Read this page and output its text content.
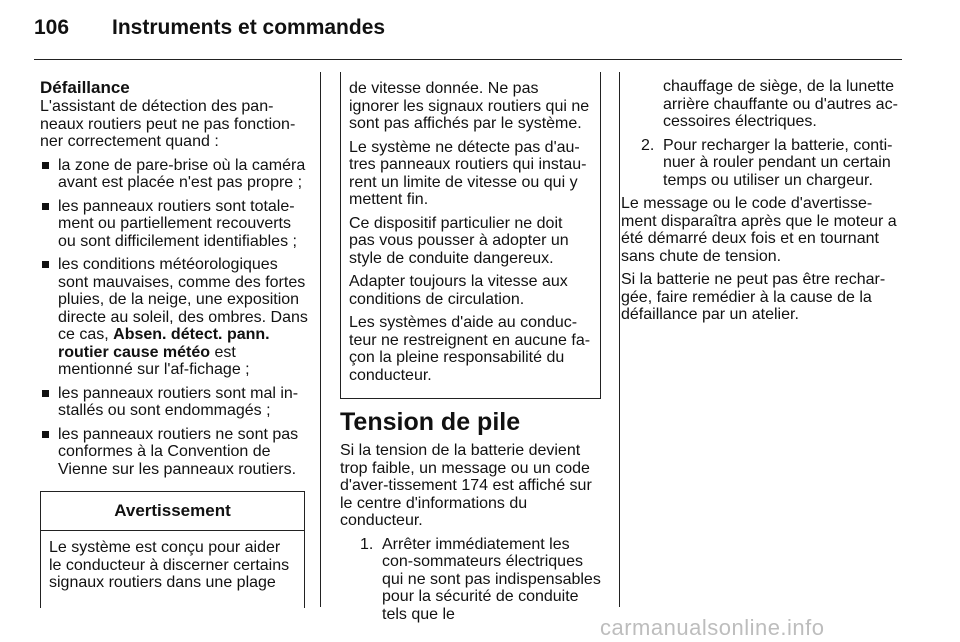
106 Instruments et commandes
Défaillance
L'assistant de détection des pan-neaux routiers peut ne pas fonction-ner correctement quand :
la zone de pare-brise où la caméra avant est placée n'est pas propre ;
les panneaux routiers sont totale-ment ou partiellement recouverts ou sont difficilement identifiables ;
les conditions météorologiques sont mauvaises, comme des fortes pluies, de la neige, une exposition directe au soleil, des ombres. Dans ce cas, Absen. détect. pann. routier cause météo est mentionné sur l'af-fichage ;
les panneaux routiers sont mal in-stallés ou sont endommagés ;
les panneaux routiers ne sont pas conformes à la Convention de Vienne sur les panneaux routiers.
Avertissement
Le système est conçu pour aider le conducteur à discerner certains signaux routiers dans une plage
de vitesse donnée. Ne pas ignorer les signaux routiers qui ne sont pas affichés par le système.
Le système ne détecte pas d'au-tres panneaux routiers qui instau-rent un limite de vitesse ou qui y mettent fin.
Ce dispositif particulier ne doit pas vous pousser à adopter un style de conduite dangereux.
Adapter toujours la vitesse aux conditions de circulation.
Les systèmes d'aide au conduc-teur ne restreignent en aucune fa-çon la pleine responsabilité du conducteur.
Tension de pile
Si la tension de la batterie devient trop faible, un message ou un code d'aver-tissement 174 est affiché sur le centre d'informations du conducteur.
1. Arrêter immédiatement les con-sommateurs électriques qui ne sont pas indispensables pour la sécurité de conduite tels que le
chauffage de siège, de la lunette arrière chauffante ou d'autres ac-cessoires électriques.
2. Pour recharger la batterie, conti-nuer à rouler pendant un certain temps ou utiliser un chargeur.
Le message ou le code d'avertisse-ment disparaîtra après que le moteur a été démarré deux fois et en tournant sans chute de tension.
Si la batterie ne peut pas être rechar-gée, faire remédier à la cause de la défaillance par un atelier.
carmanualsonline.info
